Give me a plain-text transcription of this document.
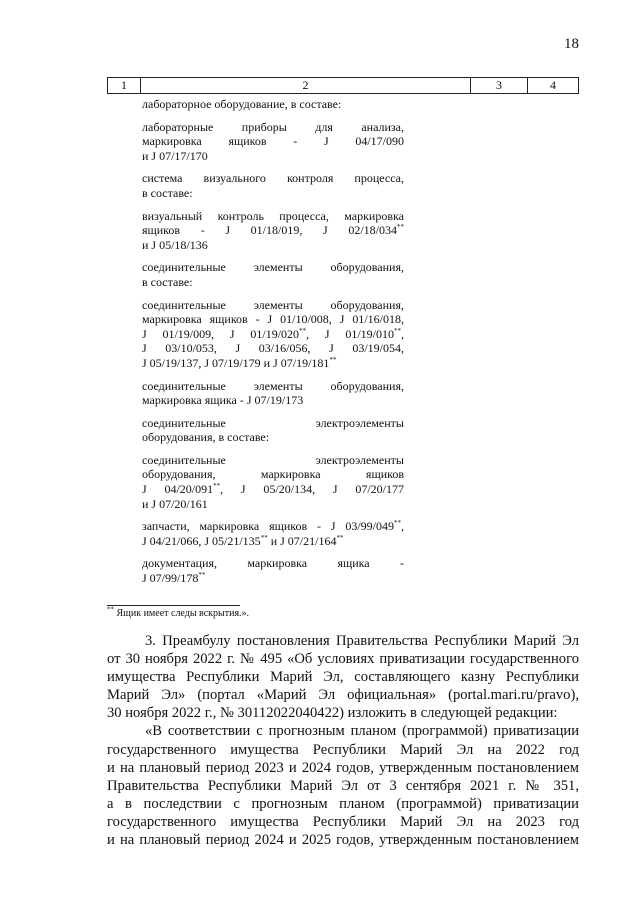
18
1	2	3	4
лабораторное оборудование, в составе:
лабораторные приборы для анализа,
маркировка ящиков - J 04/17/090
и J 07/17/170
система визуального контроля процесса,
в составе:
визуальный контроль процесса, маркировка
ящиков - J 01/18/019, J 02/18/034**
и J 05/18/136
соединительные элементы оборудования,
в составе:
соединительные элементы оборудования,
маркировка ящиков - J 01/10/008, J 01/16/018,
J 01/19/009, J 01/19/020**, J 01/19/010**,
J 03/10/053, J 03/16/056, J 03/19/054,
J 05/19/137, J 07/19/179 и J 07/19/181**
соединительные элементы оборудования,
маркировка ящика - J 07/19/173
соединительные электроэлементы
оборудования, в составе:
соединительные электроэлементы
оборудования, маркировка ящиков
J 04/20/091**, J 05/20/134, J 07/20/177
и J 07/20/161
запчасти, маркировка ящиков - J 03/99/049**,
J 04/21/066, J 05/21/135** и J 07/21/164**
документация, маркировка ящика -
J 07/99/178**
** Ящик имеет следы вскрытия.».
3. Преамбулу постановления Правительства Республики Марий Эл
от 30 ноября 2022 г. № 495 «Об условиях приватизации государственного
имущества Республики Марий Эл, составляющего казну Республики
Марий Эл» (портал «Марий Эл официальная» (portal.mari.ru/pravo),
30 ноября 2022 г., № 30112022040422) изложить в следующей редакции:
«В соответствии с прогнозным планом (программой) приватизации
государственного имущества Республики Марий Эл на 2022 год
и на плановый период 2023 и 2024 годов, утвержденным постановлением
Правительства Республики Марий Эл от 3 сентября 2021 г. № 351,
а в последствии с прогнозным планом (программой) приватизации
государственного имущества Республики Марий Эл на 2023 год
и на плановый период 2024 и 2025 годов, утвержденным постановлением
